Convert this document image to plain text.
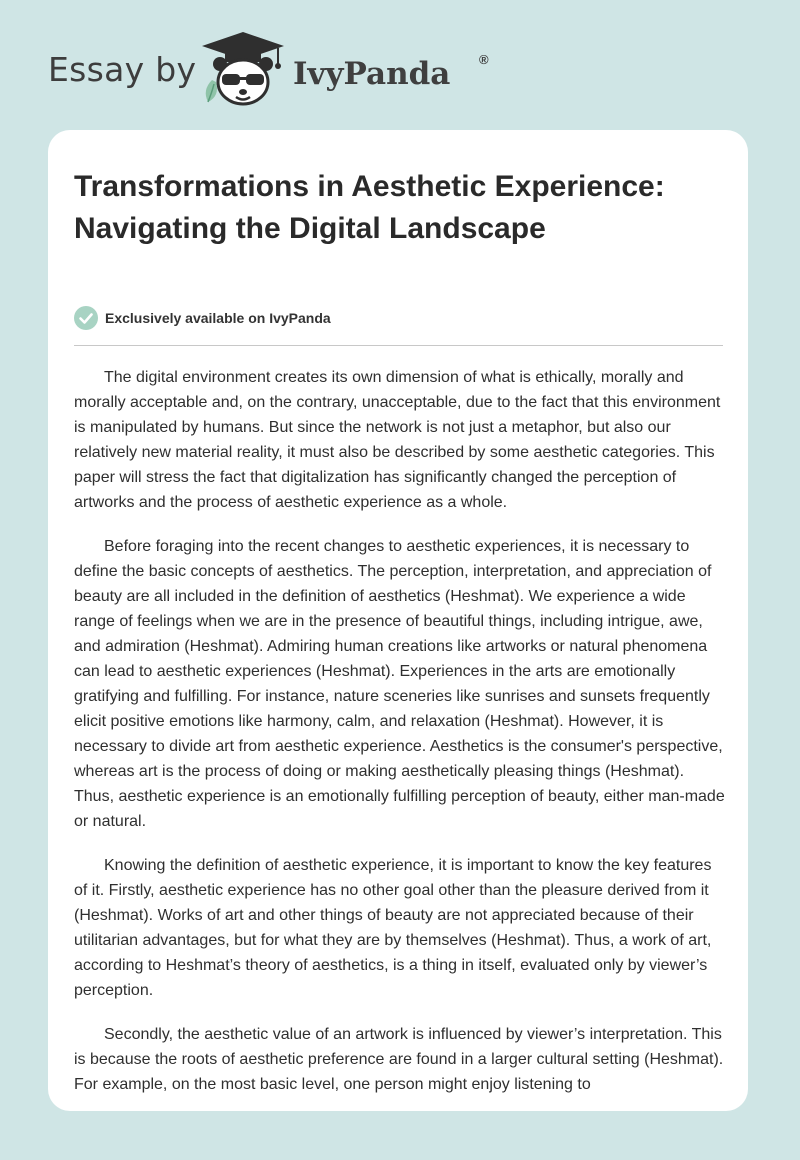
Essay by	IvyPanda ®
Transformations in Aesthetic Experience: Navigating the Digital Landscape
Exclusively available on IvyPanda

The digital environment creates its own dimension of what is ethically, morally and morally acceptable and, on the contrary, unacceptable, due to the fact that this environment is manipulated by humans. But since the network is not just a metaphor, but also our relatively new material reality, it must also be described by some aesthetic categories. This paper will stress the fact that digitalization has significantly changed the perception of artworks and the process of aesthetic experience as a whole.

Before foraging into the recent changes to aesthetic experiences, it is necessary to define the basic concepts of aesthetics. The perception, interpretation, and appreciation of beauty are all included in the definition of aesthetics (Heshmat). We experience a wide range of feelings when we are in the presence of beautiful things, including intrigue, awe, and admiration (Heshmat). Admiring human creations like artworks or natural phenomena can lead to aesthetic experiences (Heshmat). Experiences in the arts are emotionally gratifying and fulfilling. For instance, nature sceneries like sunrises and sunsets frequently elicit positive emotions like harmony, calm, and relaxation (Heshmat). However, it is necessary to divide art from aesthetic experience. Aesthetics is the consumer's perspective, whereas art is the process of doing or making aesthetically pleasing things (Heshmat). Thus, aesthetic experience is an emotionally fulfilling perception of beauty, either man-made or natural.

Knowing the definition of aesthetic experience, it is important to know the key features of it. Firstly, aesthetic experience has no other goal other than the pleasure derived from it (Heshmat). Works of art and other things of beauty are not appreciated because of their utilitarian advantages, but for what they are by themselves (Heshmat). Thus, a work of art, according to Heshmat’s theory of aesthetics, is a thing in itself, evaluated only by viewer’s perception.

Secondly, the aesthetic value of an artwork is influenced by viewer’s interpretation. This is because the roots of aesthetic preference are found in a larger cultural setting (Heshmat). For example, on the most basic level, one person might enjoy listening to
